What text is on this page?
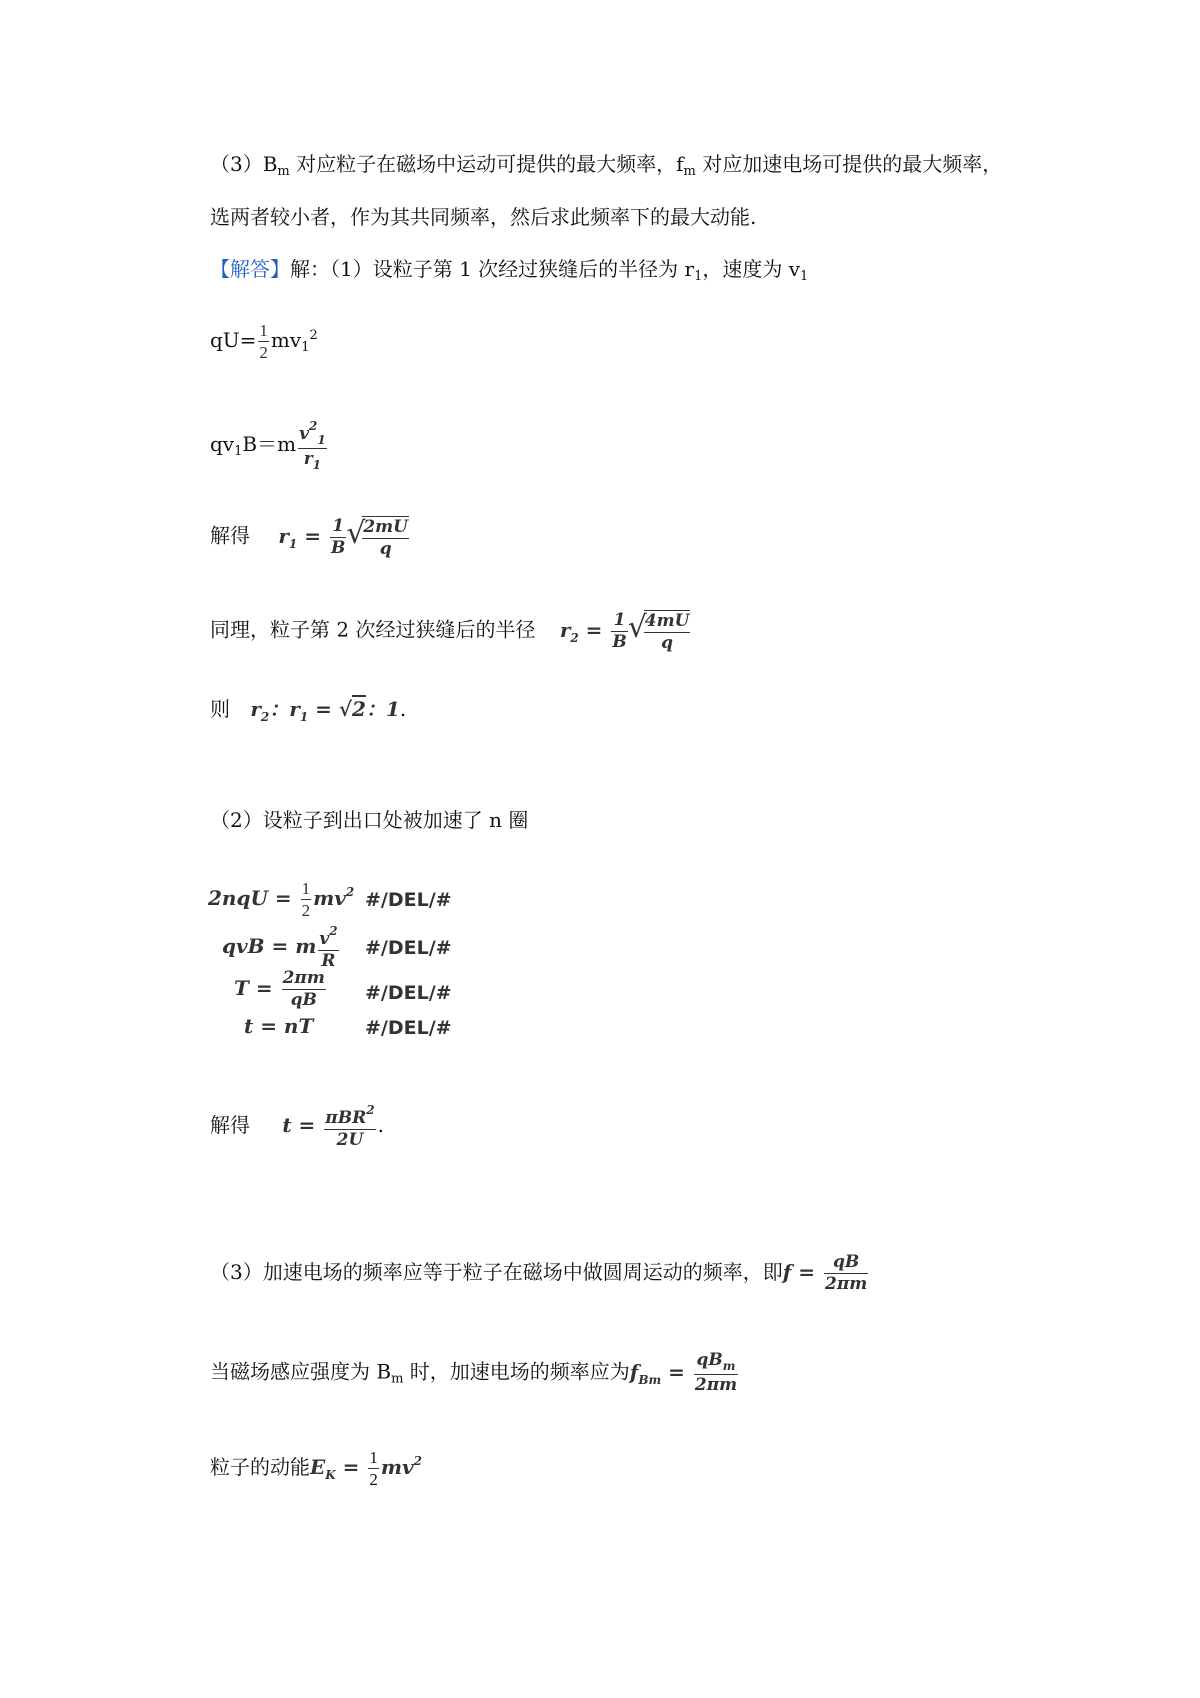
$(3)B_m$ 对应粒子在磁场中运动可提供的最大频率，$f_m$ 对应加速电场可提供的最大频率，
选两者较小者，作为其共同频率，然后求此频率下的最大动能.
【解答】解：（1）设粒子第 1 次经过狭缝后的半径为 $r_1$，速度为 $v_1$
$qU= \frac{1}{2} mv_1^2$
$qv_1B=m \frac{v^2_1}{r_1}$
解得 $r_1 = \frac{1}{B}$ √ $\frac{2mU}{q}$
同理，粒子第 2 次经过狭缝后的半径 $r_2 = \frac{1}{B}$ √ $\frac{4mU}{q}$
则 $r_2$：$r_1 = √2$：1.
（2）设粒子到出口处被加速了 n 圈
$2nqU = \frac{1}{2} mv^2$ #/DEL/#
qvB = m $\frac{v^2}{R}$ #/DEL/#
$T = \frac{2\pi m}{qB}$ #/DEL/#
t = nT	#/DEL/#
解得 $t = \frac{\pi BR^2}{2U}$ .
（3）加速电场的频率应等于粒子在磁场中做圆周运动的频率，即$f = \frac{qB}{2\pi m}$
当磁场感应强度为 $B_m$ 时，加速电场的频率应为$f_{Bm} = \frac{qB_m}{2\pi m}$
粒子的动能$E_K = \frac{1}{2} mv^2$
